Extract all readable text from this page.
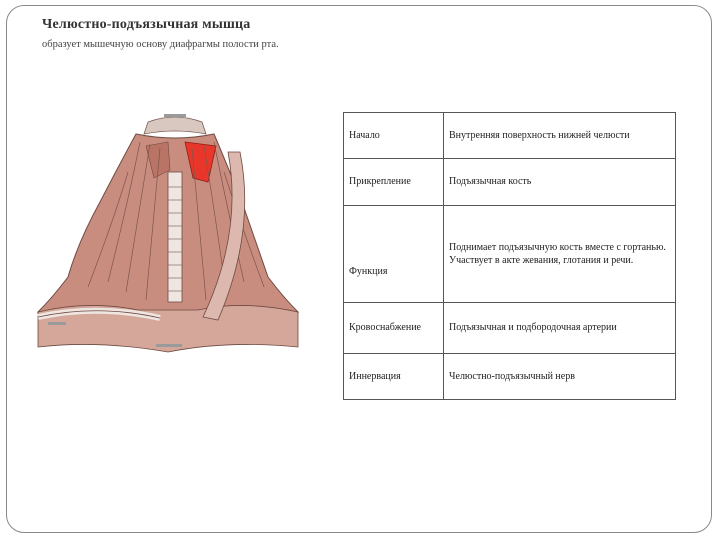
Челюстно-подъязычная мышца
образует мышечную основу диафрагмы полости рта.
Начало	Внутренняя поверхность нижней челюсти
Прикрепление	Подъязычная кость
Функция	Поднимает подъязычную кость вместе с гортанью. Участвует в акте жевания, глотания и речи.
Кровоснабжение	Подъязычная и подбородочная артерии
Иннервация	Челюстно-подъязычный нерв
